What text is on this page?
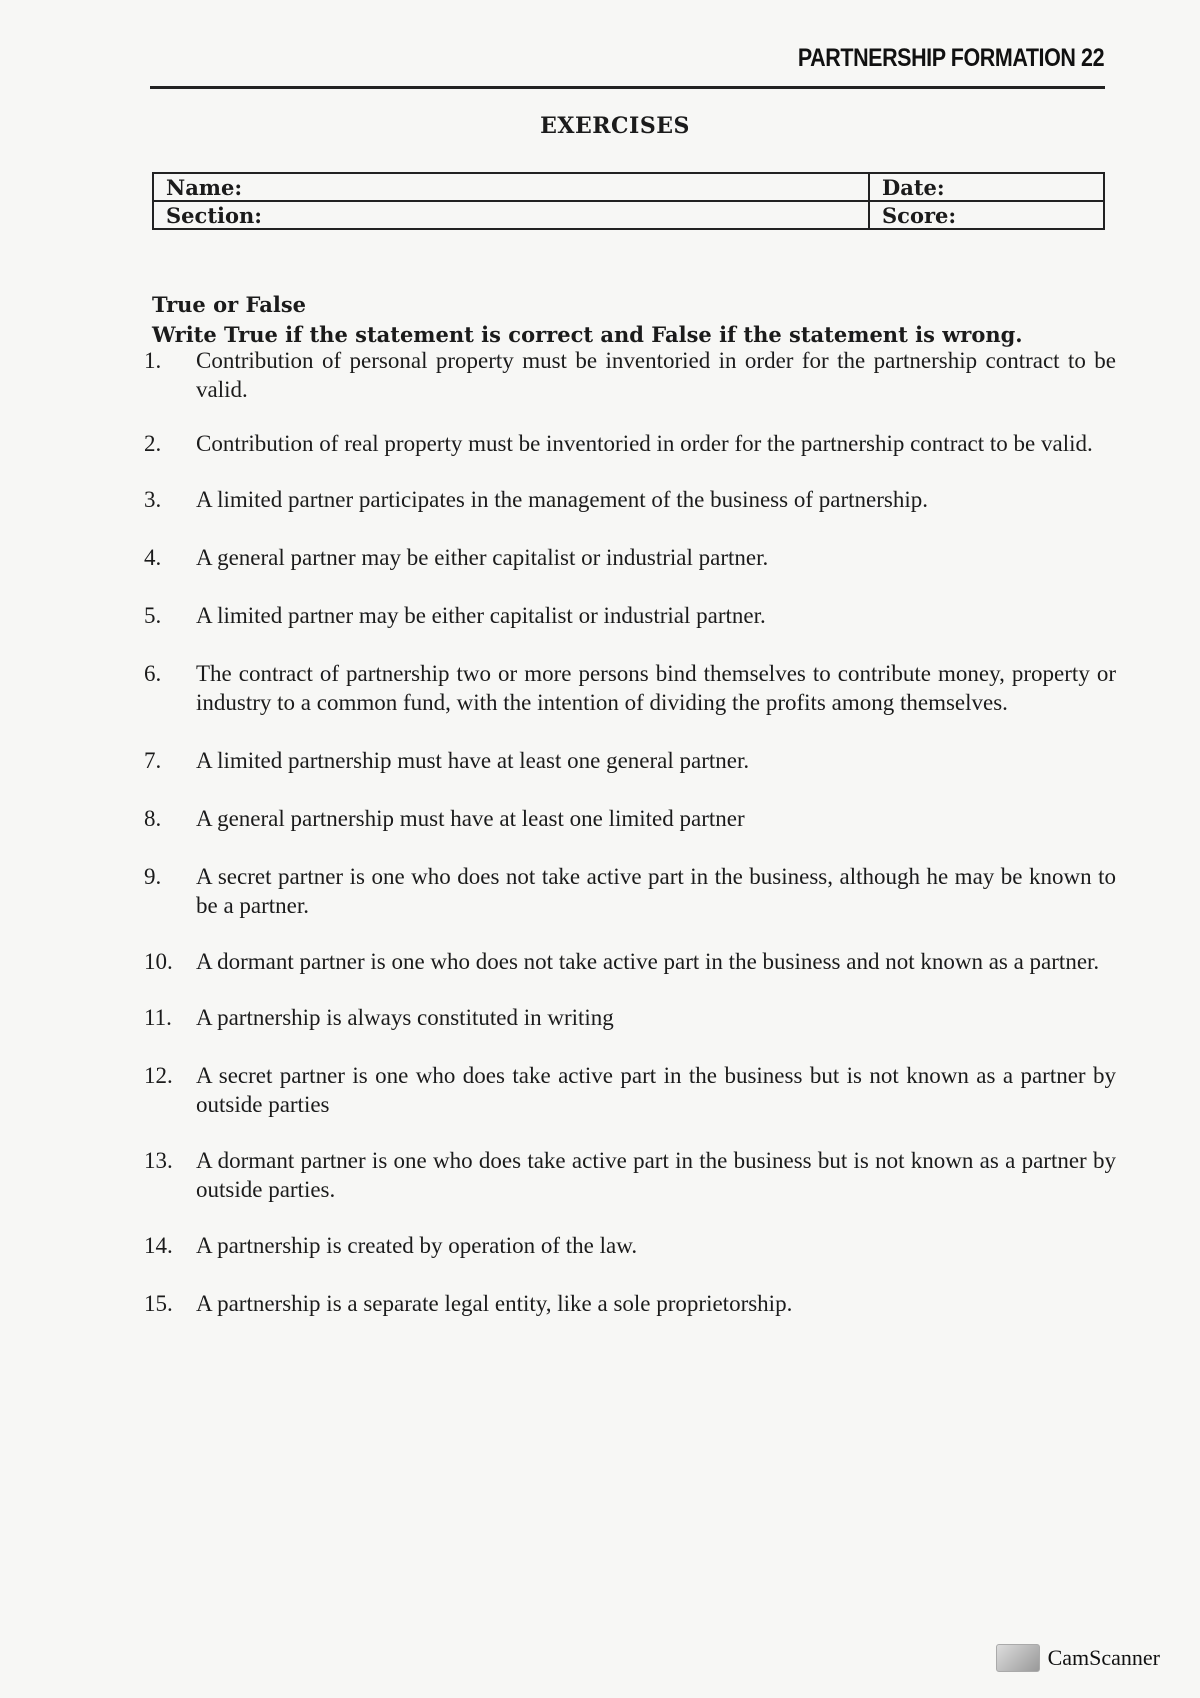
PARTNERSHIP FORMATION 22
EXERCISES
Name:	Date:
Section:	Score:
True or False
Write True if the statement is correct and False if the statement is wrong.
1. Contribution of personal property must be inventoried in order for the partnership contract to be valid.
2. Contribution of real property must be inventoried in order for the partnership contract to be valid.
3. A limited partner participates in the management of the business of partnership.
4. A general partner may be either capitalist or industrial partner.
5. A limited partner may be either capitalist or industrial partner.
6. The contract of partnership two or more persons bind themselves to contribute money, property or industry to a common fund, with the intention of dividing the profits among themselves.
7. A limited partnership must have at least one general partner.
8. A general partnership must have at least one limited partner
9. A secret partner is one who does not take active part in the business, although he may be known to be a partner.
10. A dormant partner is one who does not take active part in the business and not known as a partner.
11. A partnership is always constituted in writing
12. A secret partner is one who does take active part in the business but is not known as a partner by outside parties
13. A dormant partner is one who does take active part in the business but is not known as a partner by outside parties.
14. A partnership is created by operation of the law.
15. A partnership is a separate legal entity, like a sole proprietorship.
CamScanner
